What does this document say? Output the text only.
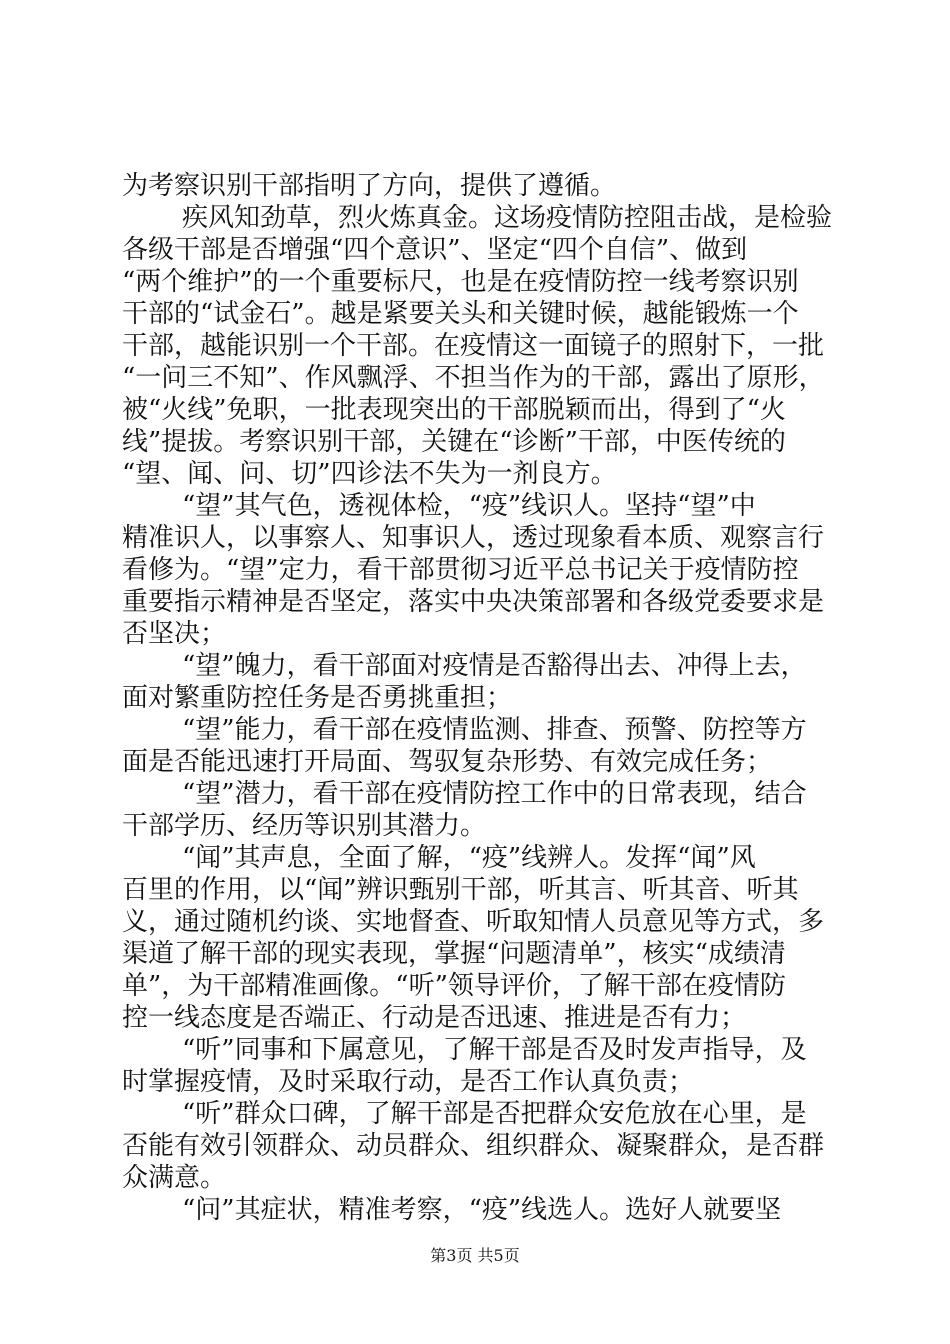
为考察识别干部指明了方向，提供了遵循。
疾风知劲草，烈火炼真金。这场疫情防控阻击战，是检验
各级干部是否增强“四个意识”、坚定“四个自信”、做到
“两个维护”的一个重要标尺，也是在疫情防控一线考察识别
干部的“试金石”。越是紧要关头和关键时候，越能锻炼一个
干部，越能识别一个干部。在疫情这一面镜子的照射下，一批
“一问三不知”、作风飘浮、不担当作为的干部，露出了原形，
被“火线”免职，一批表现突出的干部脱颖而出，得到了“火
线”提拔。考察识别干部，关键在“诊断”干部，中医传统的
“望、闻、问、切”四诊法不失为一剂良方。
“望”其气色，透视体检，“疫”线识人。坚持“望”中
精准识人，以事察人、知事识人，透过现象看本质、观察言行
看修为。“望”定力，看干部贯彻习近平总书记关于疫情防控
重要指示精神是否坚定，落实中央决策部署和各级党委要求是
否坚决；
“望”魄力，看干部面对疫情是否豁得出去、冲得上去，
面对繁重防控任务是否勇挑重担；
“望”能力，看干部在疫情监测、排查、预警、防控等方
面是否能迅速打开局面、驾驭复杂形势、有效完成任务；
“望”潜力，看干部在疫情防控工作中的日常表现，结合
干部学历、经历等识别其潜力。
“闻”其声息，全面了解，“疫”线辨人。发挥“闻”风
百里的作用，以“闻”辨识甄别干部，听其言、听其音、听其
义，通过随机约谈、实地督查、听取知情人员意见等方式，多
渠道了解干部的现实表现，掌握“问题清单”，核实“成绩清
单”，为干部精准画像。“听”领导评价，了解干部在疫情防
控一线态度是否端正、行动是否迅速、推进是否有力；
“听”同事和下属意见，了解干部是否及时发声指导，及
时掌握疫情，及时采取行动，是否工作认真负责；
“听”群众口碑，了解干部是否把群众安危放在心里，是
否能有效引领群众、动员群众、组织群众、凝聚群众，是否群
众满意。
“问”其症状，精准考察，“疫”线选人。选好人就要坚
第3页 共5页
